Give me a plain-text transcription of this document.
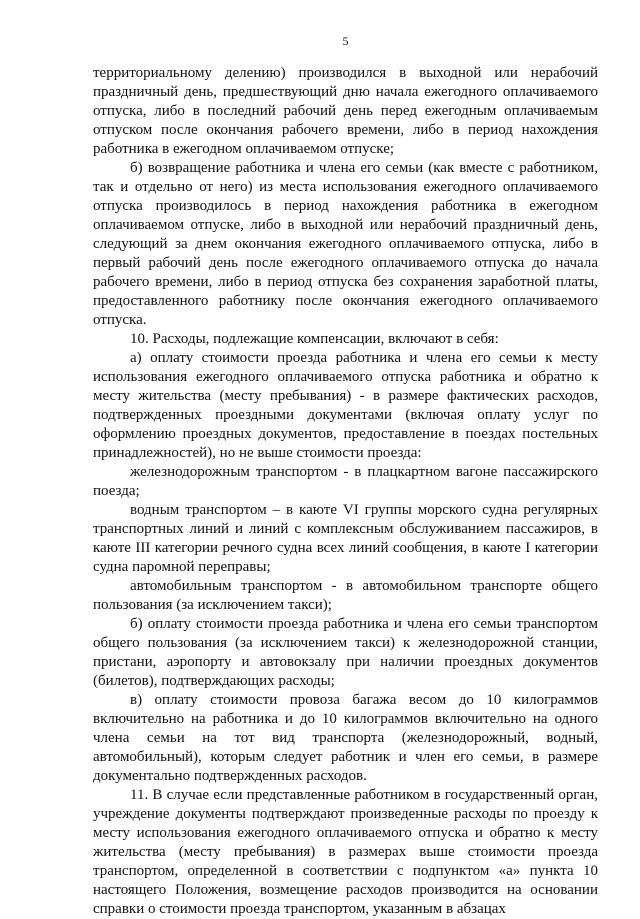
5

территориальному делению) производился в выходной или нерабочий праздничный день, предшествующий дню начала ежегодного оплачиваемого отпуска, либо в последний рабочий день перед ежегодным оплачиваемым отпуском после окончания рабочего времени, либо в период нахождения работника в ежегодном оплачиваемом отпуске;

б) возвращение работника и члена его семьи (как вместе с работником, так и отдельно от него) из места использования ежегодного оплачиваемого отпуска производилось в период нахождения работника в ежегодном оплачиваемом отпуске, либо в выходной или нерабочий праздничный день, следующий за днем окончания ежегодного оплачиваемого отпуска, либо в первый рабочий день после ежегодного оплачиваемого отпуска до начала рабочего времени, либо в период отпуска без сохранения заработной платы, предоставленного работнику после окончания ежегодного оплачиваемого отпуска.

10. Расходы, подлежащие компенсации, включают в себя:

а) оплату стоимости проезда работника и члена его семьи к месту использования ежегодного оплачиваемого отпуска работника и обратно к месту жительства (месту пребывания) - в размере фактических расходов, подтвержденных проездными документами (включая оплату услуг по оформлению проездных документов, предоставление в поездах постельных принадлежностей), но не выше стоимости проезда:

железнодорожным транспортом - в плацкартном вагоне пассажирского поезда;

водным транспортом – в каюте VI группы морского судна регулярных транспортных линий и линий с комплексным обслуживанием пассажиров, в каюте III категории речного судна всех линий сообщения, в каюте I категории судна паромной переправы;

автомобильным транспортом - в автомобильном транспорте общего пользования (за исключением такси);

б) оплату стоимости проезда работника и члена его семьи транспортом общего пользования (за исключением такси) к железнодорожной станции, пристани, аэропорту и автовокзалу при наличии проездных документов (билетов), подтверждающих расходы;

в) оплату стоимости провоза багажа весом до 10 килограммов включительно на работника и до 10 килограммов включительно на одного члена семьи на тот вид транспорта (железнодорожный, водный, автомобильный), которым следует работник и член его семьи, в размере документально подтвержденных расходов.

11. В случае если представленные работником в государственный орган, учреждение документы подтверждают произведенные расходы по проезду к месту использования ежегодного оплачиваемого отпуска и обратно к месту жительства (месту пребывания) в размерах выше стоимости проезда транспортом, определенной в соответствии с подпунктом «а» пункта 10 настоящего Положения, возмещение расходов производится на основании справки о стоимости проезда транспортом, указанным в абзацах
